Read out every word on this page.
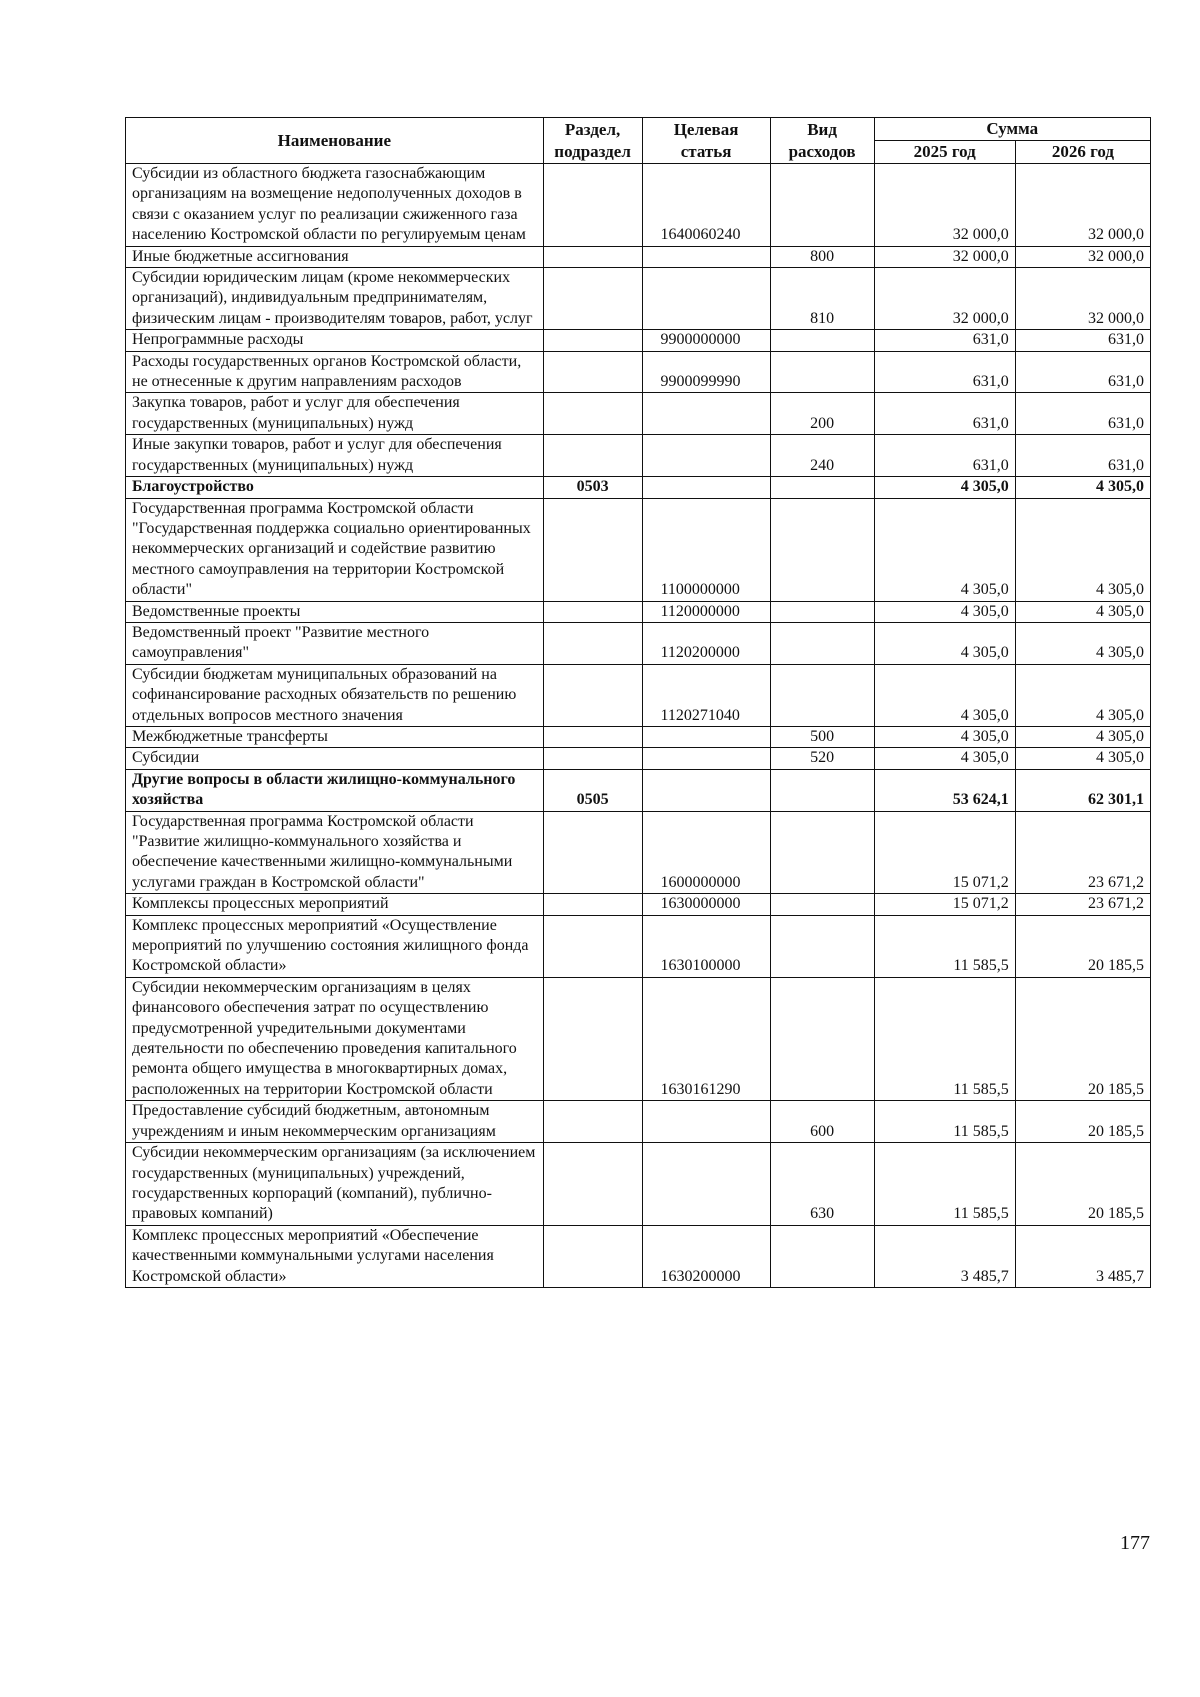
Наименование	Раздел, подраздел	Целевая статья	Вид расходов	Сумма	
				2025 год	2026 год
Субсидии из областного бюджета газоснабжающим организациям на возмещение недополученных доходов в связи с оказанием услуг по реализации сжиженного газа населению Костромской области по регулируемым ценам		1640060240		32 000,0	32 000,0
Иные бюджетные ассигнования			800	32 000,0	32 000,0
Субсидии юридическим лицам (кроме некоммерческих организаций), индивидуальным предпринимателям, физическим лицам - производителям товаров, работ, услуг			810	32 000,0	32 000,0
Непрограммные расходы		9900000000		631,0	631,0
Расходы государственных органов Костромской области, не отнесенные к другим направлениям расходов		9900099990		631,0	631,0
Закупка товаров, работ и услуг для обеспечения государственных (муниципальных) нужд			200	631,0	631,0
Иные закупки товаров, работ и услуг для обеспечения государственных (муниципальных) нужд			240	631,0	631,0
Благоустройство	0503			4 305,0	4 305,0
Государственная программа Костромской области "Государственная поддержка социально ориентированных некоммерческих организаций и содействие развитию местного самоуправления на территории Костромской области"		1100000000		4 305,0	4 305,0
Ведомственные проекты		1120000000		4 305,0	4 305,0
Ведомственный проект "Развитие местного самоуправления"		1120200000		4 305,0	4 305,0
Субсидии бюджетам муниципальных образований на софинансирование расходных обязательств по решению отдельных вопросов местного значения		1120271040		4 305,0	4 305,0
Межбюджетные трансферты			500	4 305,0	4 305,0
Субсидии			520	4 305,0	4 305,0
Другие вопросы в области жилищно-коммунального хозяйства	0505			53 624,1	62 301,1
Государственная программа Костромской области "Развитие жилищно-коммунального хозяйства и обеспечение качественными жилищно-коммунальными услугами граждан в Костромской области"		1600000000		15 071,2	23 671,2
Комплексы процессных мероприятий		1630000000		15 071,2	23 671,2
Комплекс процессных мероприятий «Осуществление мероприятий по улучшению состояния жилищного фонда Костромской области»		1630100000		11 585,5	20 185,5
Субсидии некоммерческим организациям в целях финансового обеспечения затрат по осуществлению предусмотренной учредительными документами деятельности по обеспечению проведения капитального ремонта общего имущества в многоквартирных домах, расположенных на территории Костромской области		1630161290		11 585,5	20 185,5
Предоставление субсидий бюджетным, автономным учреждениям и иным некоммерческим организациям			600	11 585,5	20 185,5
Субсидии некоммерческим организациям (за исключением государственных (муниципальных) учреждений, государственных корпораций (компаний), публично-правовых компаний)			630	11 585,5	20 185,5
Комплекс процессных мероприятий «Обеспечение качественными коммунальными услугами населения Костромской области»		1630200000		3 485,7	3 485,7
177
